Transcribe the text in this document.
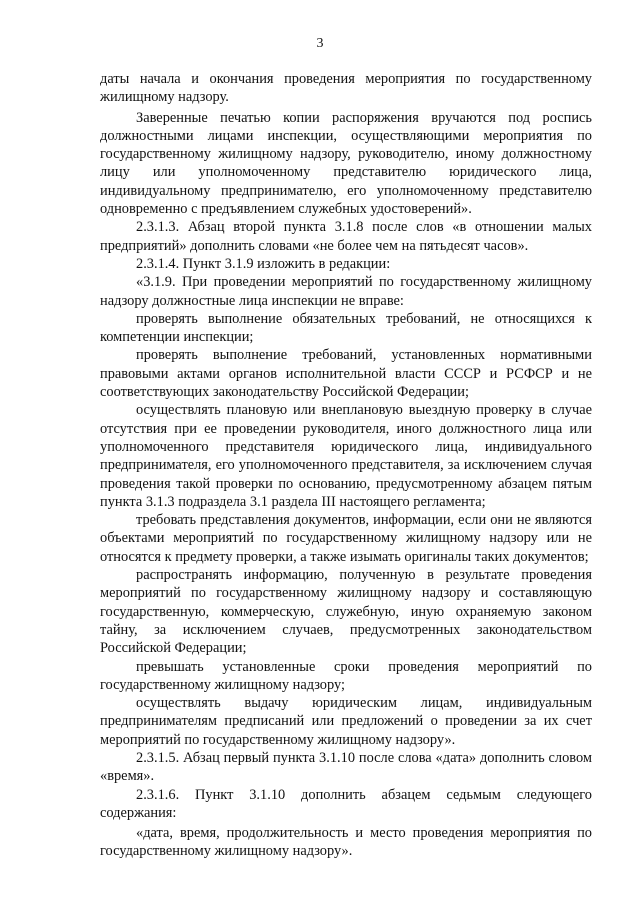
3

даты начала и окончания проведения мероприятия по государственному жилищному надзору.

Заверенные печатью копии распоряжения вручаются под роспись должностными лицами инспекции, осуществляющими мероприятия по государственному жилищному надзору, руководителю, иному должностному лицу или уполномоченному представителю юридического лица, индивидуальному предпринимателю, его уполномоченному представителю одновременно с предъявлением служебных удостоверений».

2.3.1.3. Абзац второй пункта 3.1.8 после слов «в отношении малых предприятий» дополнить словами «не более чем на пятьдесят часов».

2.3.1.4. Пункт 3.1.9 изложить в редакции:

«3.1.9. При проведении мероприятий по государственному жилищному надзору должностные лица инспекции не вправе:

проверять выполнение обязательных требований, не относящихся к компетенции инспекции;

проверять выполнение требований, установленных нормативными правовыми актами органов исполнительной власти СССР и РСФСР и не соответствующих законодательству Российской Федерации;

осуществлять плановую или внеплановую выездную проверку в случае отсутствия при ее проведении руководителя, иного должностного лица или уполномоченного представителя юридического лица, индивидуального предпринимателя, его уполномоченного представителя, за исключением случая проведения такой проверки по основанию, предусмотренному абзацем пятым пункта 3.1.3 подраздела 3.1 раздела III настоящего регламента;

требовать представления документов, информации, если они не являются объектами мероприятий по государственному жилищному надзору или не относятся к предмету проверки, а также изымать оригиналы таких документов;

распространять информацию, полученную в результате проведения мероприятий по государственному жилищному надзору и составляющую государственную, коммерческую, служебную, иную охраняемую законом тайну, за исключением случаев, предусмотренных законодательством Российской Федерации;

превышать установленные сроки проведения мероприятий по государственному жилищному надзору;

осуществлять выдачу юридическим лицам, индивидуальным предпринимателям предписаний или предложений о проведении за их счет мероприятий по государственному жилищному надзору».

2.3.1.5. Абзац первый пункта 3.1.10 после слова «дата» дополнить словом «время».

2.3.1.6. Пункт 3.1.10 дополнить абзацем седьмым следующего содержания:

«дата, время, продолжительность и место проведения мероприятия по государственному жилищному надзору».
